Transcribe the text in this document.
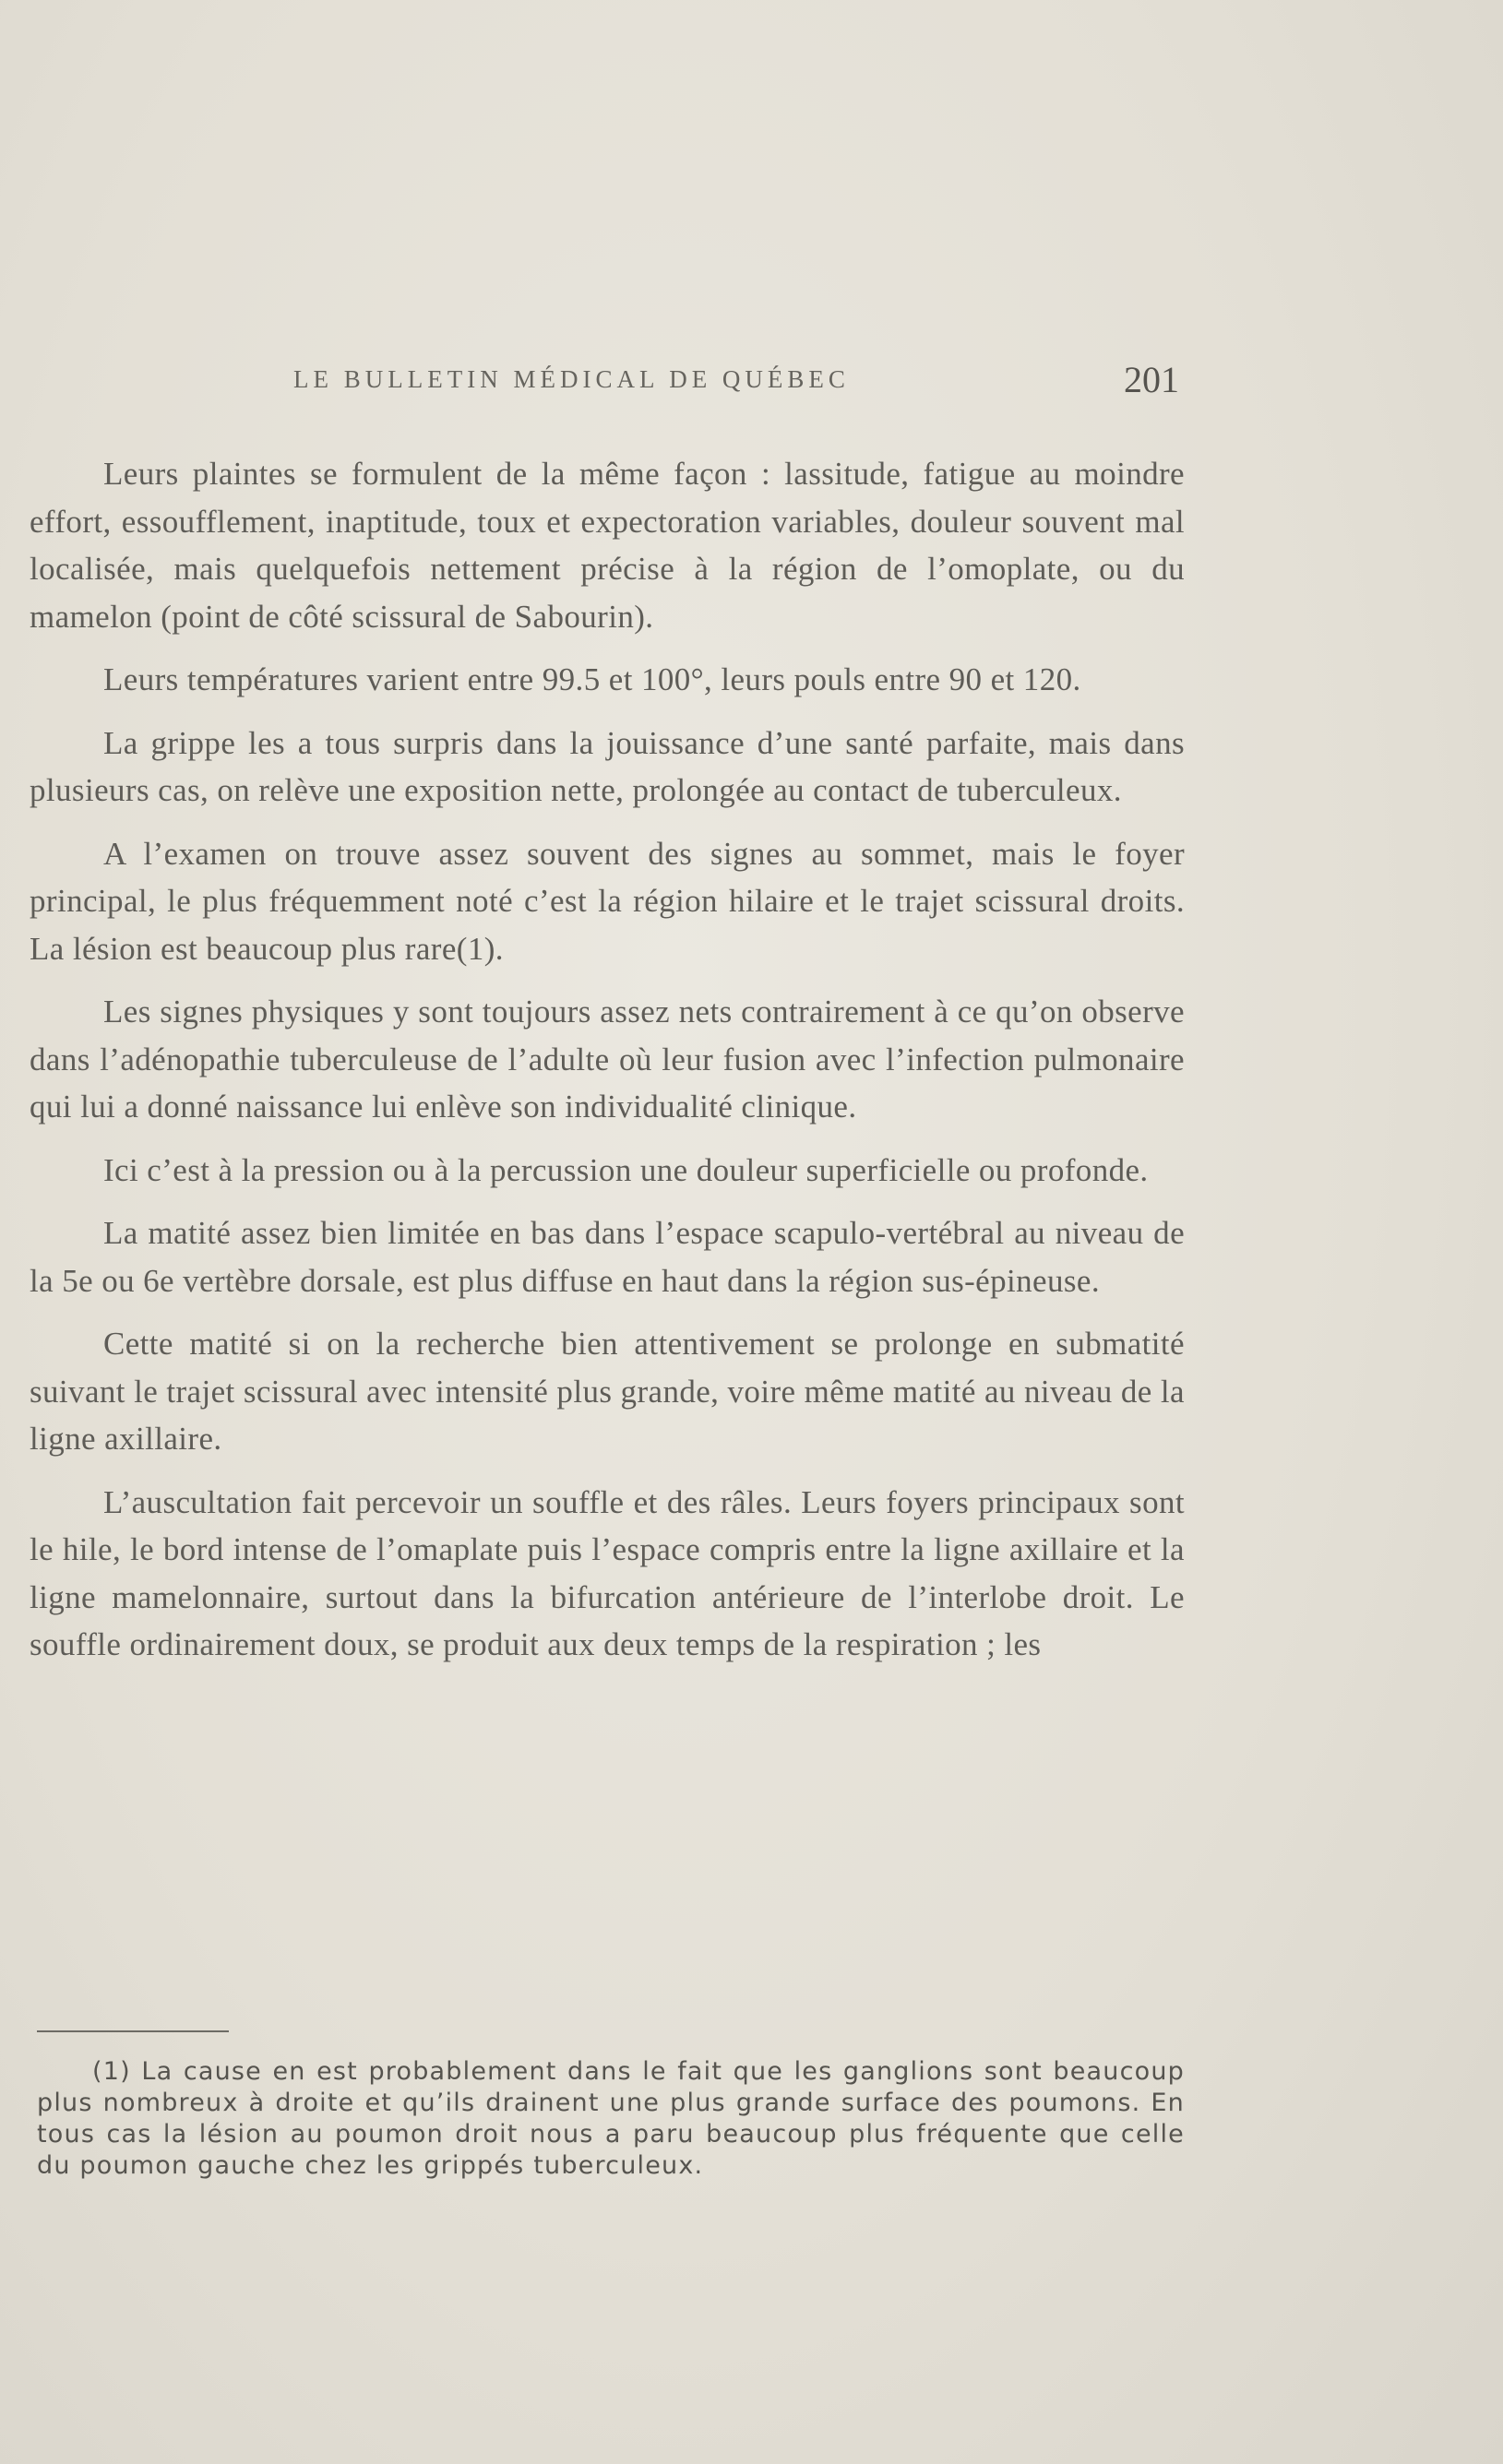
LE BULLETIN MÉDICAL DE QUÉBEC	201

Leurs plaintes se formulent de la même façon : lassitude, fatigue au moindre effort, essoufflement, inaptitude, toux et expectoration variables, douleur souvent mal localisée, mais quelquefois nettement précise à la région de l’omoplate, ou du mamelon (point de côté scissural de Sabourin).

Leurs températures varient entre 99.5 et 100°, leurs pouls entre 90 et 120.

La grippe les a tous surpris dans la jouissance d’une santé parfaite, mais dans plusieurs cas, on relève une exposition nette, prolongée au contact de tuberculeux.

A l’examen on trouve assez souvent des signes au sommet, mais le foyer principal, le plus fréquemment noté c’est la région hilaire et le trajet scissural droits. La lésion est beaucoup plus rare(1).

Les signes physiques y sont toujours assez nets contrairement à ce qu’on observe dans l’adénopathie tuberculeuse de l’adulte où leur fusion avec l’infection pulmonaire qui lui a donné naissance lui enlève son individualité clinique.

Ici c’est à la pression ou à la percussion une douleur superficielle ou profonde.

La matité assez bien limitée en bas dans l’espace scapulo-vertébral au niveau de la 5e ou 6e vertèbre dorsale, est plus diffuse en haut dans la région sus-épineuse.

Cette matité si on la recherche bien attentivement se prolonge en submatité suivant le trajet scissural avec intensité plus grande, voire même matité au niveau de la ligne axillaire.

L’auscultation fait percevoir un souffle et des râles. Leurs foyers principaux sont le hile, le bord intense de l’omaplate puis l’espace compris entre la ligne axillaire et la ligne mamelonnaire, surtout dans la bifurcation antérieure de l’interlobe droit. Le souffle ordinairement doux, se produit aux deux temps de la respiration ; les

(1) La cause en est probablement dans le fait que les ganglions sont beaucoup plus nombreux à droite et qu’ils drainent une plus grande surface des poumons. En tous cas la lésion au poumon droit nous a paru beaucoup plus fréquente que celle du poumon gauche chez les grippés tuberculeux.
